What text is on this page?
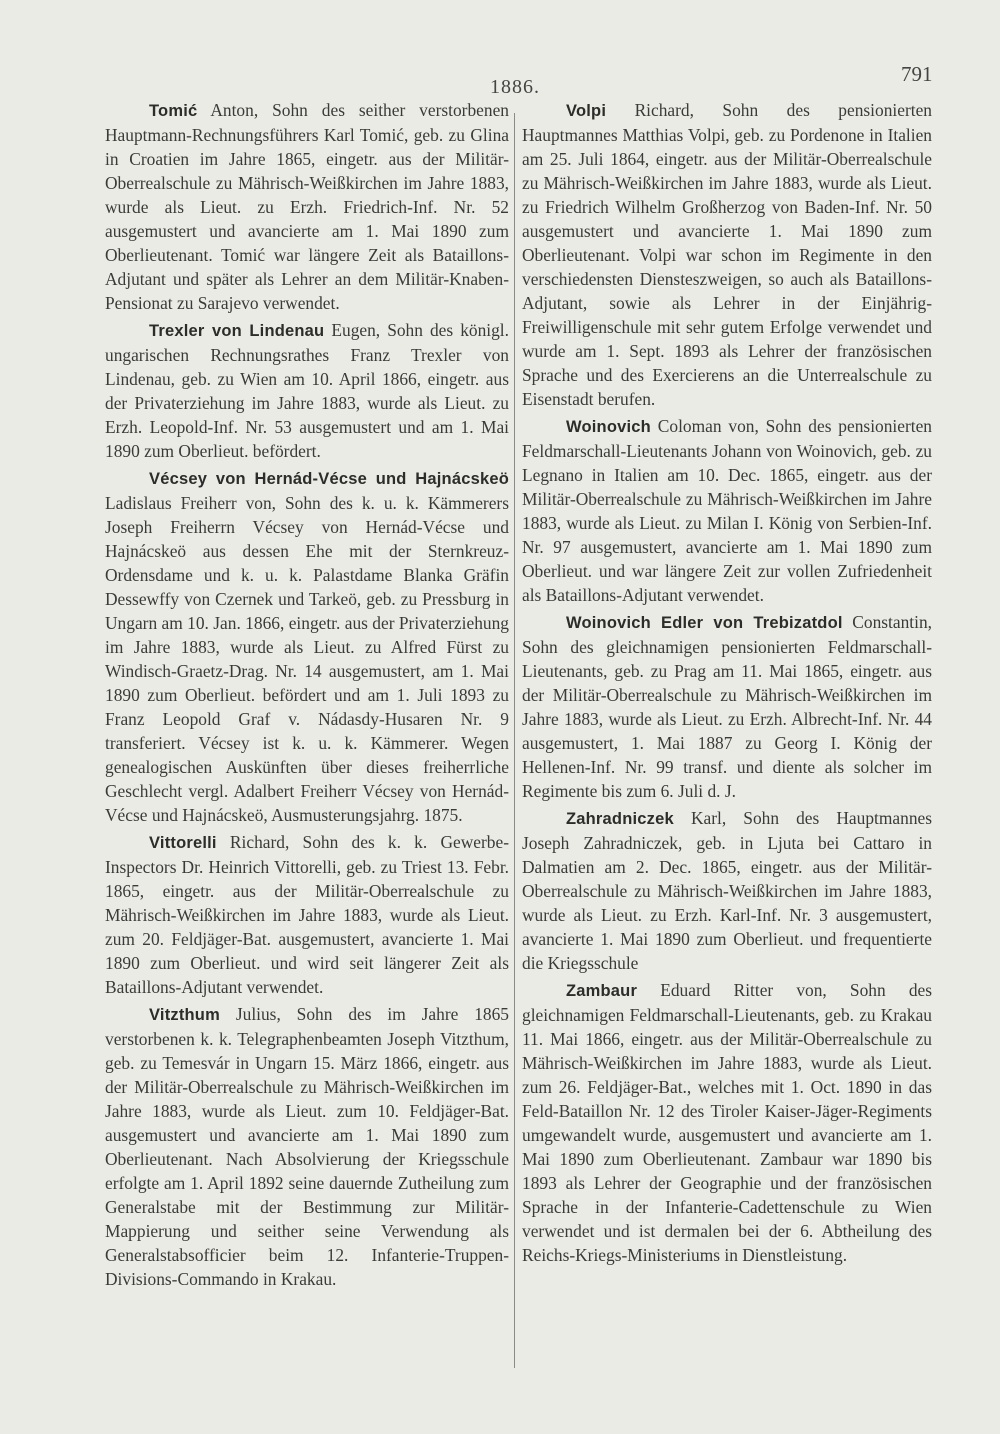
1886.
791

Tomić Anton, Sohn des seither verstorbenen Hauptmann-Rechnungsführers Karl Tomić, geb. zu Glina in Croatien im Jahre 1865, eingetr. aus der Militär-Oberrealschule zu Mährisch-Weißkirchen im Jahre 1883, wurde als Lieut. zu Erzh. Friedrich-Inf. Nr. 52 ausgemustert und avancierte am 1. Mai 1890 zum Oberlieutenant. Tomić war längere Zeit als Bataillons-Adjutant und später als Lehrer an dem Militär-Knaben-Pensionat zu Sarajevo verwendet.

Trexler von Lindenau Eugen, Sohn des königl. ungarischen Rechnungsrathes Franz Trexler von Lindenau, geb. zu Wien am 10. April 1866, eingetr. aus der Privaterziehung im Jahre 1883, wurde als Lieut. zu Erzh. Leopold-Inf. Nr. 53 ausgemustert und am 1. Mai 1890 zum Oberlieut. befördert.

Vécsey von Hernád-Vécse und Hajnácskeö Ladislaus Freiherr von, Sohn des k. u. k. Kämmerers Joseph Freiherrn Vécsey von Hernád-Vécse und Hajnácskeö aus dessen Ehe mit der Sternkreuz-Ordensdame und k. u. k. Palastdame Blanka Gräfin Dessewffy von Czernek und Tarkeö, geb. zu Pressburg in Ungarn am 10. Jan. 1866, eingetr. aus der Privaterziehung im Jahre 1883, wurde als Lieut. zu Alfred Fürst zu Windisch-Graetz-Drag. Nr. 14 ausgemustert, am 1. Mai 1890 zum Oberlieut. befördert und am 1. Juli 1893 zu Franz Leopold Graf v. Nádasdy-Husaren Nr. 9 transferiert. Vécsey ist k. u. k. Kämmerer. Wegen genealogischen Auskünften über dieses freiherrliche Geschlecht vergl. Adalbert Freiherr Vécsey von Hernád-Vécse und Hajnácskeö, Ausmusterungsjahrg. 1875.

Vittorelli Richard, Sohn des k. k. Gewerbe-Inspectors Dr. Heinrich Vittorelli, geb. zu Triest 13. Febr. 1865, eingetr. aus der Militär-Oberrealschule zu Mährisch-Weißkirchen im Jahre 1883, wurde als Lieut. zum 20. Feldjäger-Bat. ausgemustert, avancierte 1. Mai 1890 zum Oberlieut. und wird seit längerer Zeit als Bataillons-Adjutant verwendet.

Vitzthum Julius, Sohn des im Jahre 1865 verstorbenen k. k. Telegraphenbeamten Joseph Vitzthum, geb. zu Temesvár in Ungarn 15. März 1866, eingetr. aus der Militär-Oberrealschule zu Mährisch-Weißkirchen im Jahre 1883, wurde als Lieut. zum 10. Feldjäger-Bat. ausgemustert und avancierte am 1. Mai 1890 zum Oberlieutenant. Nach Absolvierung der Kriegsschule erfolgte am 1. April 1892 seine dauernde Zutheilung zum Generalstabe mit der Bestimmung zur Militär-Mappierung und seither seine Verwendung als Generalstabsofficier beim 12. Infanterie-Truppen-Divisions-Commando in Krakau.

Volpi Richard, Sohn des pensionierten Hauptmannes Matthias Volpi, geb. zu Pordenone in Italien am 25. Juli 1864, eingetr. aus der Militär-Oberrealschule zu Mährisch-Weißkirchen im Jahre 1883, wurde als Lieut. zu Friedrich Wilhelm Großherzog von Baden-Inf. Nr. 50 ausgemustert und avancierte 1. Mai 1890 zum Oberlieutenant. Volpi war schon im Regimente in den verschiedensten Diensteszweigen, so auch als Bataillons-Adjutant, sowie als Lehrer in der Einjährig-Freiwilligenschule mit sehr gutem Erfolge verwendet und wurde am 1. Sept. 1893 als Lehrer der französischen Sprache und des Exercierens an die Unterrealschule zu Eisenstadt berufen.

Woinovich Coloman von, Sohn des pensionierten Feldmarschall-Lieutenants Johann von Woinovich, geb. zu Legnano in Italien am 10. Dec. 1865, eingetr. aus der Militär-Oberrealschule zu Mährisch-Weißkirchen im Jahre 1883, wurde als Lieut. zu Milan I. König von Serbien-Inf. Nr. 97 ausgemustert, avancierte am 1. Mai 1890 zum Oberlieut. und war längere Zeit zur vollen Zufriedenheit als Bataillons-Adjutant verwendet.

Woinovich Edler von Trebizatdol Constantin, Sohn des gleichnamigen pensionierten Feldmarschall-Lieutenants, geb. zu Prag am 11. Mai 1865, eingetr. aus der Militär-Oberrealschule zu Mährisch-Weißkirchen im Jahre 1883, wurde als Lieut. zu Erzh. Albrecht-Inf. Nr. 44 ausgemustert, 1. Mai 1887 zu Georg I. König der Hellenen-Inf. Nr. 99 transf. und diente als solcher im Regimente bis zum 6. Juli d. J.

Zahradniczek Karl, Sohn des Hauptmannes Joseph Zahradniczek, geb. in Ljuta bei Cattaro in Dalmatien am 2. Dec. 1865, eingetr. aus der Militär-Oberrealschule zu Mährisch-Weißkirchen im Jahre 1883, wurde als Lieut. zu Erzh. Karl-Inf. Nr. 3 ausgemustert, avancierte 1. Mai 1890 zum Oberlieut. und frequentierte die Kriegsschule

Zambaur Eduard Ritter von, Sohn des gleichnamigen Feldmarschall-Lieutenants, geb. zu Krakau 11. Mai 1866, eingetr. aus der Militär-Oberrealschule zu Mährisch-Weißkirchen im Jahre 1883, wurde als Lieut. zum 26. Feldjäger-Bat., welches mit 1. Oct. 1890 in das Feld-Bataillon Nr. 12 des Tiroler Kaiser-Jäger-Regiments umgewandelt wurde, ausgemustert und avancierte am 1. Mai 1890 zum Oberlieutenant. Zambaur war 1890 bis 1893 als Lehrer der Geographie und der französischen Sprache in der Infanterie-Cadettenschule zu Wien verwendet und ist dermalen bei der 6. Abtheilung des Reichs-Kriegs-Ministeriums in Dienstleistung.
